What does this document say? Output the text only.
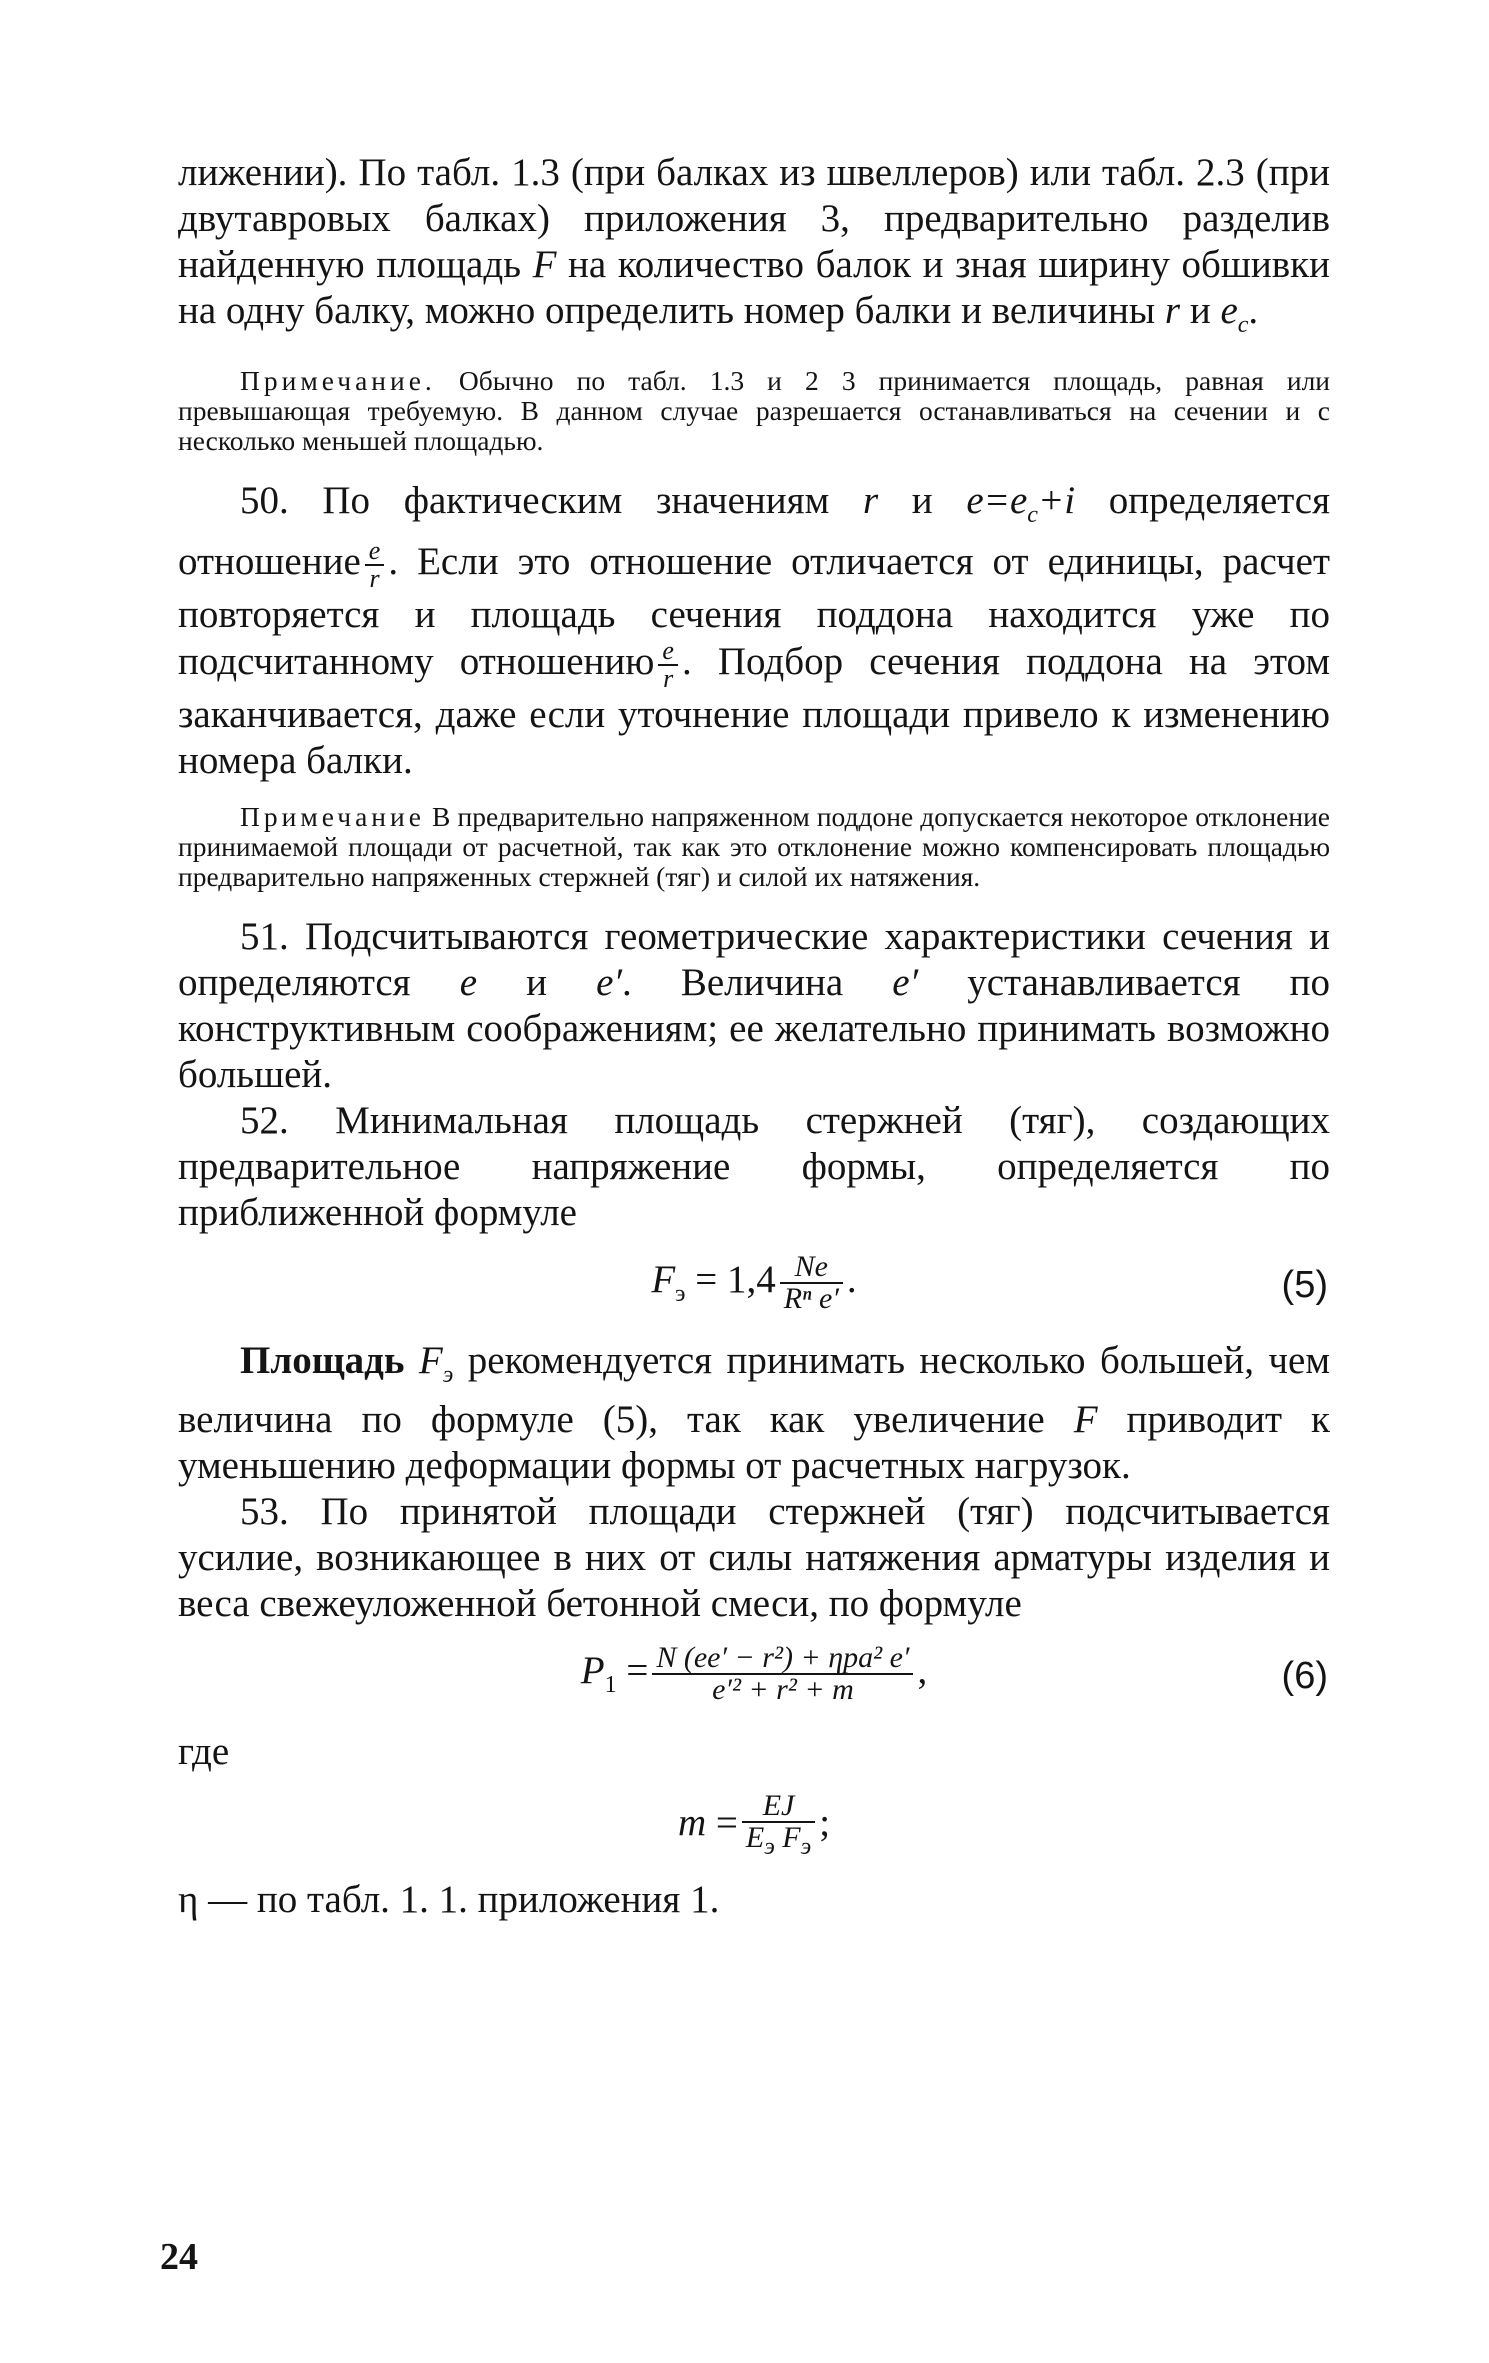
лижении). По табл. 1.3 (при балках из швеллеров) или табл. 2.3 (при двутавровых балках) приложения 3, предварительно разделив найденную площадь F на количество балок и зная ширину обшивки на одну балку, можно определить номер балки и величины r и $e_c$.

Примечание. Обычно по табл. 1.3 и 2 3 принимается площадь, равная или превышающая требуемую. В данном случае разрешается останавливаться на сечении и с несколько меньшей площадью.

50. По фактическим значениям r и $e=e_c+i$ определяется отношение $\frac{e}{r}$ . Если это отношение отличается от единицы, расчет повторяется и площадь сечения поддона находится уже по подсчитанному отношению $\frac{e}{r}$ . Подбор сечения поддона на этом заканчивается, даже если уточнение площади привело к изменению номера балки.

Примечание В предварительно напряженном поддоне допускается некоторое отклонение принимаемой площади от расчетной, так как это отклонение можно компенсировать площадью предварительно напряженных стержней (тяг) и силой их натяжения.

51. Подсчитываются геометрические характеристики сечения и определяются e и e′. Величина e′ устанавливается по конструктивным соображениям; ее желательно принимать возможно большей.

52. Минимальная площадь стержней (тяг), создающих предварительное напряжение формы, определяется по приближенной формуле

$F_э = 1,4 \frac{Ne}{\text{Rⁿ e′}}$ .	(5)

Площадь $F_э$ рекомендуется принимать несколько большей, чем величина по формуле (5), так как увеличение F приводит к уменьшению деформации формы от расчетных нагрузок.

53. По принятой площади стержней (тяг) подсчитывается усилие, возникающее в них от силы натяжения арматуры изделия и веса свежеуложенной бетонной смеси, по формуле

$P_1 = \frac{\text{N (ee′ − r²) + ηpa² e′}}{\text{e′² + r² + m}}$ ,	(6)

где

$m = \frac{EJ}{E_э F_э}$ ;

η — по табл. 1. 1. приложения 1.

24
